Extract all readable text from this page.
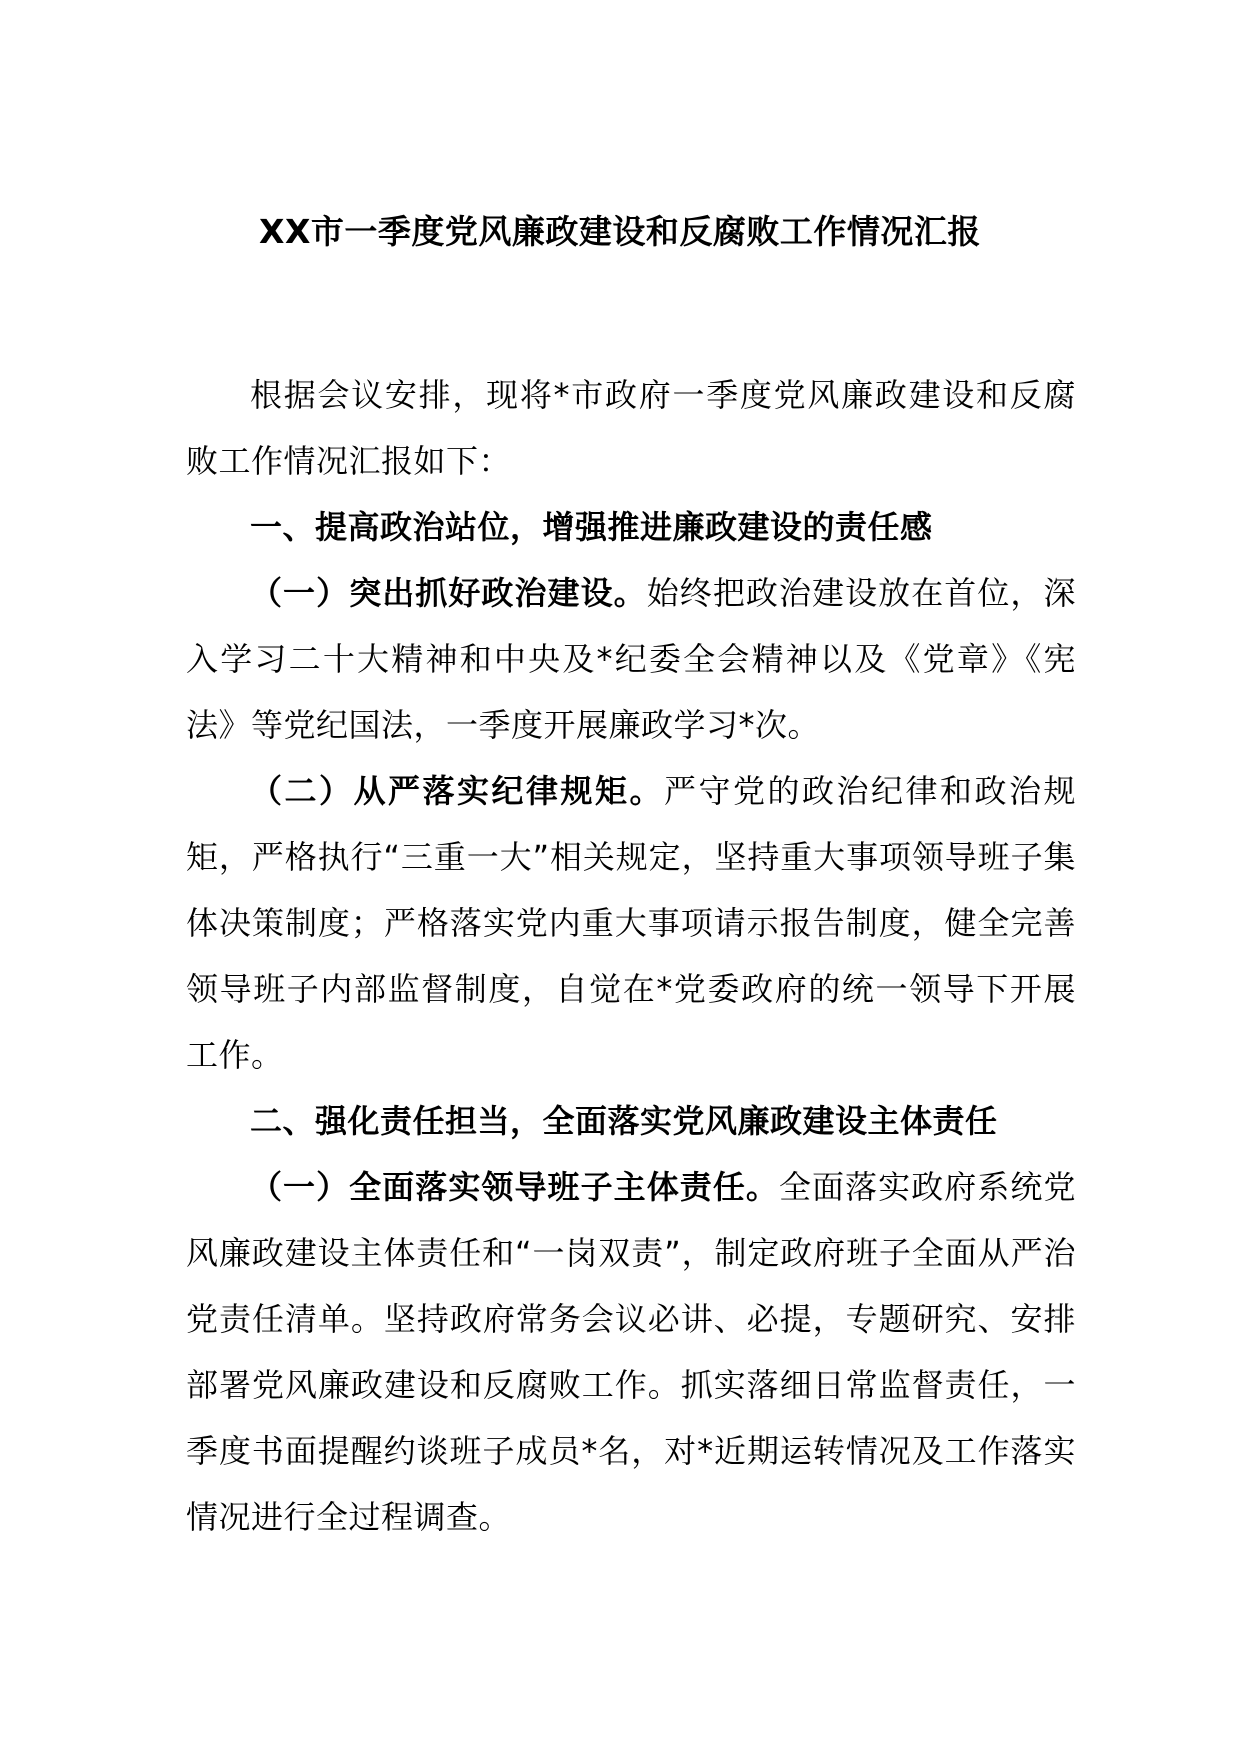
XX市一季度党风廉政建设和反腐败工作情况汇报

根据会议安排，现将*市政府一季度党风廉政建设和反腐败工作情况汇报如下：

一、提高政治站位，增强推进廉政建设的责任感

（一）突出抓好政治建设。始终把政治建设放在首位，深入学习二十大精神和中央及*纪委全会精神以及《党章》《宪法》等党纪国法，一季度开展廉政学习*次。

（二）从严落实纪律规矩。严守党的政治纪律和政治规矩，严格执行“三重一大”相关规定，坚持重大事项领导班子集体决策制度；严格落实党内重大事项请示报告制度，健全完善领导班子内部监督制度，自觉在*党委政府的统一领导下开展工作。

二、强化责任担当，全面落实党风廉政建设主体责任

（一）全面落实领导班子主体责任。全面落实政府系统党风廉政建设主体责任和“一岗双责”，制定政府班子全面从严治党责任清单。坚持政府常务会议必讲、必提，专题研究、安排部署党风廉政建设和反腐败工作。抓实落细日常监督责任，一季度书面提醒约谈班子成员*名，对*近期运转情况及工作落实情况进行全过程调查。
